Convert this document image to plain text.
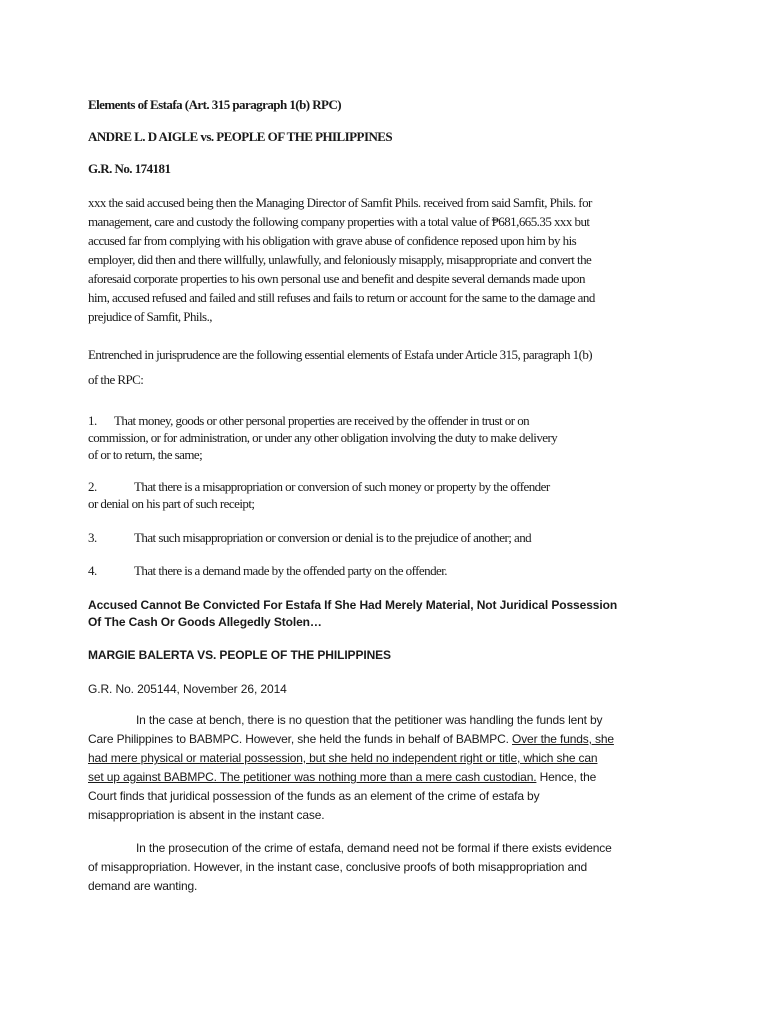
Elements of Estafa (Art. 315 paragraph 1(b) RPC)

ANDRE L. D AIGLE vs. PEOPLE OF THE PHILIPPINES

G.R. No. 174181

xxx the said accused being then the Managing Director of Samfit Phils. received from said Samfit, Phils. for

management, care and custody the following company properties with a total value of ₱681,665.35 xxx but

accused far from complying with his obligation with grave abuse of confidence reposed upon him by his

employer, did then and there willfully, unlawfully, and feloniously misapply, misappropriate and convert the

aforesaid corporate properties to his own personal use and benefit and despite several demands made upon

him, accused refused and failed and still refuses and fails to return or account for the same to the damage and

prejudice of Samfit, Phils.,

Entrenched in jurisprudence are the following essential elements of Estafa under Article 315, paragraph 1(b)

of the RPC:

1. That money, goods or other personal properties are received by the offender in trust or on

commission, or for administration, or under any other obligation involving the duty to make delivery

of or to return, the same;

2.	That there is a misappropriation or conversion of such money or property by the offender

or denial on his part of such receipt;

3.	That such misappropriation or conversion or denial is to the prejudice of another; and

4.	That there is a demand made by the offended party on the offender.

Accused Cannot Be Convicted For Estafa If She Had Merely Material, Not Juridical Possession

Of The Cash Or Goods Allegedly Stolen…

MARGIE BALERTA VS. PEOPLE OF THE PHILIPPINES

G.R. No. 205144, November 26, 2014

In the case at bench, there is no question that the petitioner was handling the funds lent by

Care Philippines to BABMPC. However, she held the funds in behalf of BABMPC. Over the funds, she

had mere physical or material possession, but she held no independent right or title, which she can

set up against BABMPC. The petitioner was nothing more than a mere cash custodian. Hence, the

Court finds that juridical possession of the funds as an element of the crime of estafa by

misappropriation is absent in the instant case.

In the prosecution of the crime of estafa, demand need not be formal if there exists evidence

of misappropriation. However, in the instant case, conclusive proofs of both misappropriation and

demand are wanting.
